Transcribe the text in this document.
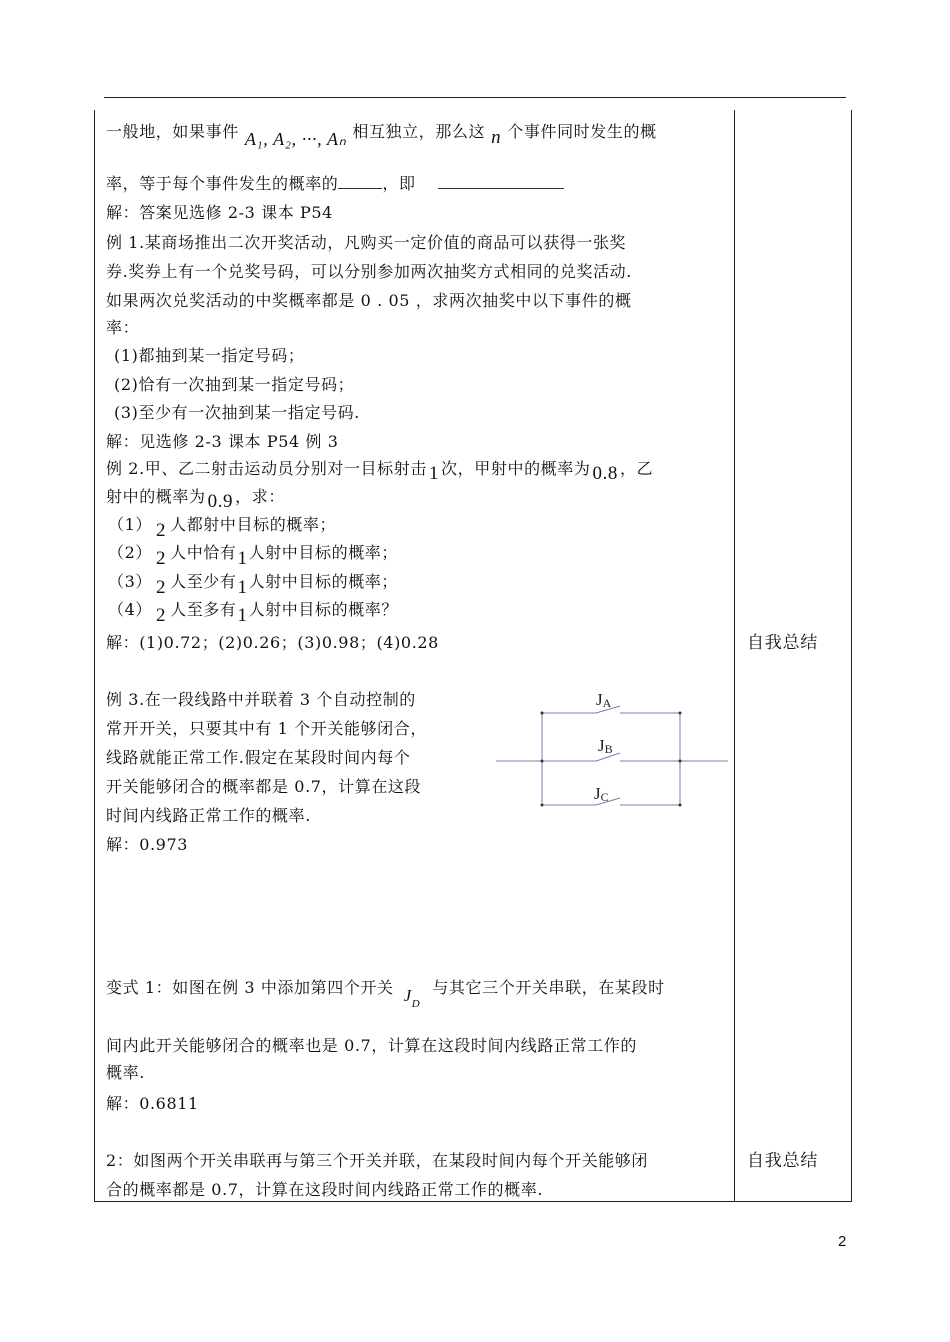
一般地，如果事件 A₁, A₂, ···, Aₙ 相互独立，那么这 n 个事件同时发生的概
率，等于每个事件发生的概率的	，即
解：答案见选修 2-3 课本 P54
例 1.某商场推出二次开奖活动，凡购买一定价值的商品可以获得一张奖
券.奖券上有一个兑奖号码，可以分别参加两次抽奖方式相同的兑奖活动.
如果两次兑奖活动的中奖概率都是 0 . 05 ，求两次抽奖中以下事件的概
率：
(1)都抽到某一指定号码；
(2)恰有一次抽到某一指定号码；
(3)至少有一次抽到某一指定号码.
解：见选修 2-3 课本 P54 例 3
例 2.甲、乙二射击运动员分别对一目标射击 1 次，甲射中的概率为 0.8 ，乙
射中的概率为 0.9 ，求：
（1） 2 人都射中目标的概率；
（2） 2 人中恰有1人射中目标的概率；
（3） 2 人至少有1人射中目标的概率；
（4） 2 人至多有1人射中目标的概率？
解：(1)0.72；(2)0.26；(3)0.98；(4)0.28	自我总结
例 3.在一段线路中并联着 3 个自动控制的
常开开关，只要其中有 1 个开关能够闭合，
线路就能正常工作.假定在某段时间内每个
开关能够闭合的概率都是 0.7，计算在这段
时间内线路正常工作的概率.
解：0.973
JA
JB
JC
变式 1：如图在例 3 中添加第四个开关 $J_D$与其它三个开关串联，在某段时
间内此开关能够闭合的概率也是 0.7，计算在这段时间内线路正常工作的
概率.
解：0.6811
2：如图两个开关串联再与第三个开关并联，在某段时间内每个开关能够闭
合的概率都是 0.7，计算在这段时间内线路正常工作的概率.
自我总结
2
